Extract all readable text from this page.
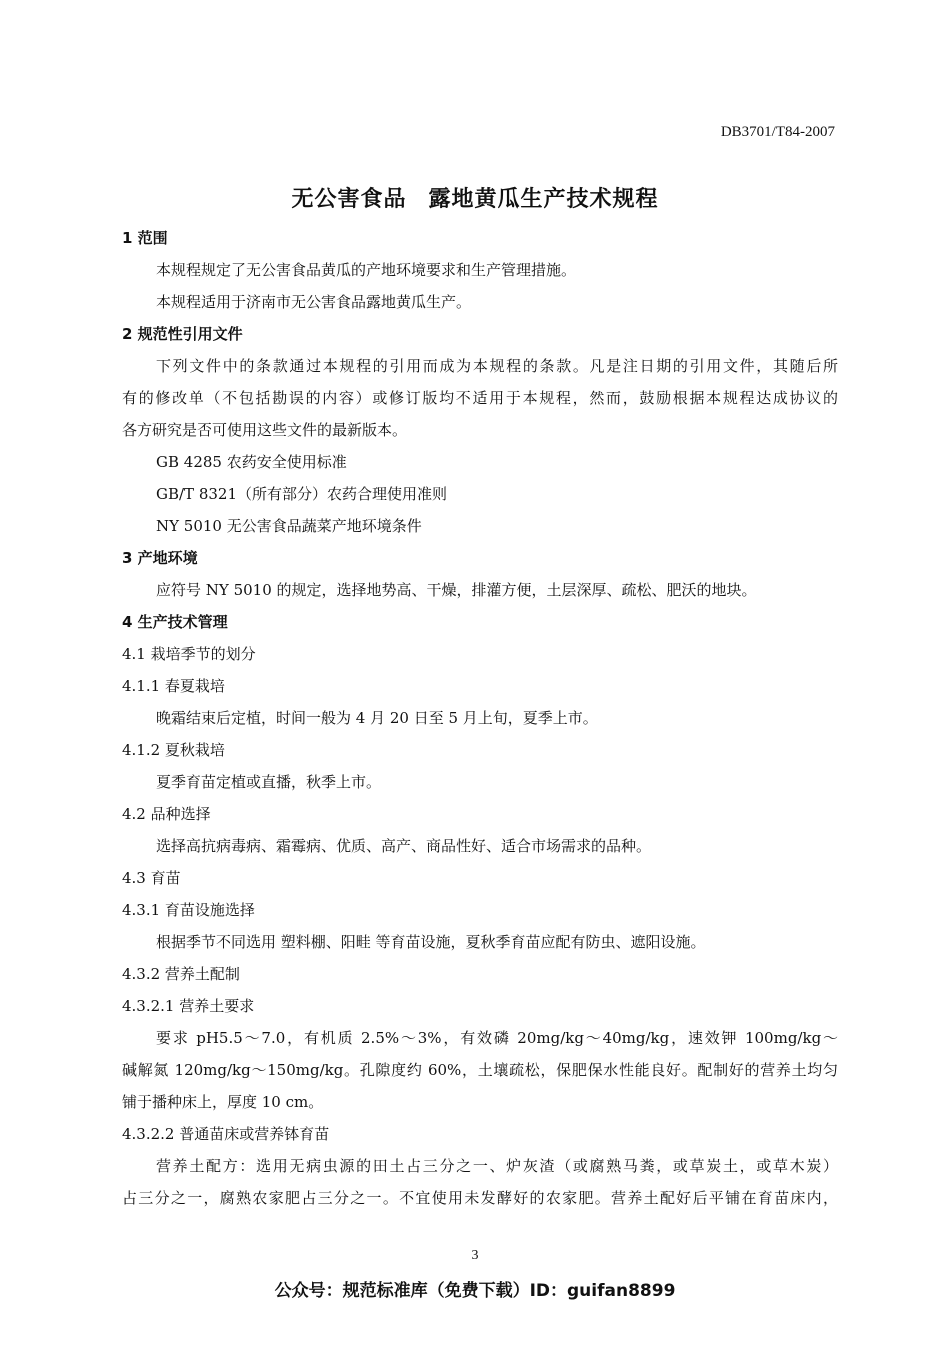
DB3701/T84-2007
无公害食品 露地黄瓜生产技术规程
1 范围
本规程规定了无公害食品黄瓜的产地环境要求和生产管理措施。
本规程适用于济南市无公害食品露地黄瓜生产。
2 规范性引用文件
下列文件中的条款通过本规程的引用而成为本规程的条款。凡是注日期的引用文件，其随后所
有的修改单（不包括勘误的内容）或修订版均不适用于本规程，然而，鼓励根据本规程达成协议的
各方研究是否可使用这些文件的最新版本。
GB 4285 农药安全使用标准
GB/T 8321（所有部分）农药合理使用准则
NY 5010 无公害食品蔬菜产地环境条件
3 产地环境
应符号 NY 5010 的规定，选择地势高、干燥，排灌方便，土层深厚、疏松、肥沃的地块。
4 生产技术管理
4.1 栽培季节的划分
4.1.1 春夏栽培
晚霜结束后定植，时间一般为 4 月 20 日至 5 月上旬，夏季上市。
4.1.2 夏秋栽培
夏季育苗定植或直播，秋季上市。
4.2 品种选择
选择高抗病毒病、霜霉病、优质、高产、商品性好、适合市场需求的品种。
4.3 育苗
4.3.1 育苗设施选择
根据季节不同选用 塑料棚、阳畦 等育苗设施，夏秋季育苗应配有防虫、遮阳设施。
4.3.2 营养土配制
4.3.2.1 营养土要求
要求 pH5.5～7.0，有机质 2.5%～3%，有效磷 20mg/kg～40mg/kg，速效钾 100mg/kg～
碱解氮 120mg/kg～150mg/kg。孔隙度约 60%，土壤疏松，保肥保水性能良好。配制好的营养土均匀
铺于播种床上，厚度 10 cm。
4.3.2.2 普通苗床或营养钵育苗
营养土配方：选用无病虫源的田土占三分之一、炉灰渣（或腐熟马粪，或草炭土，或草木炭）
占三分之一，腐熟农家肥占三分之一。不宜使用未发酵好的农家肥。营养土配好后平铺在育苗床内，
3
公众号：规范标准库（免费下载）ID：guifan8899
